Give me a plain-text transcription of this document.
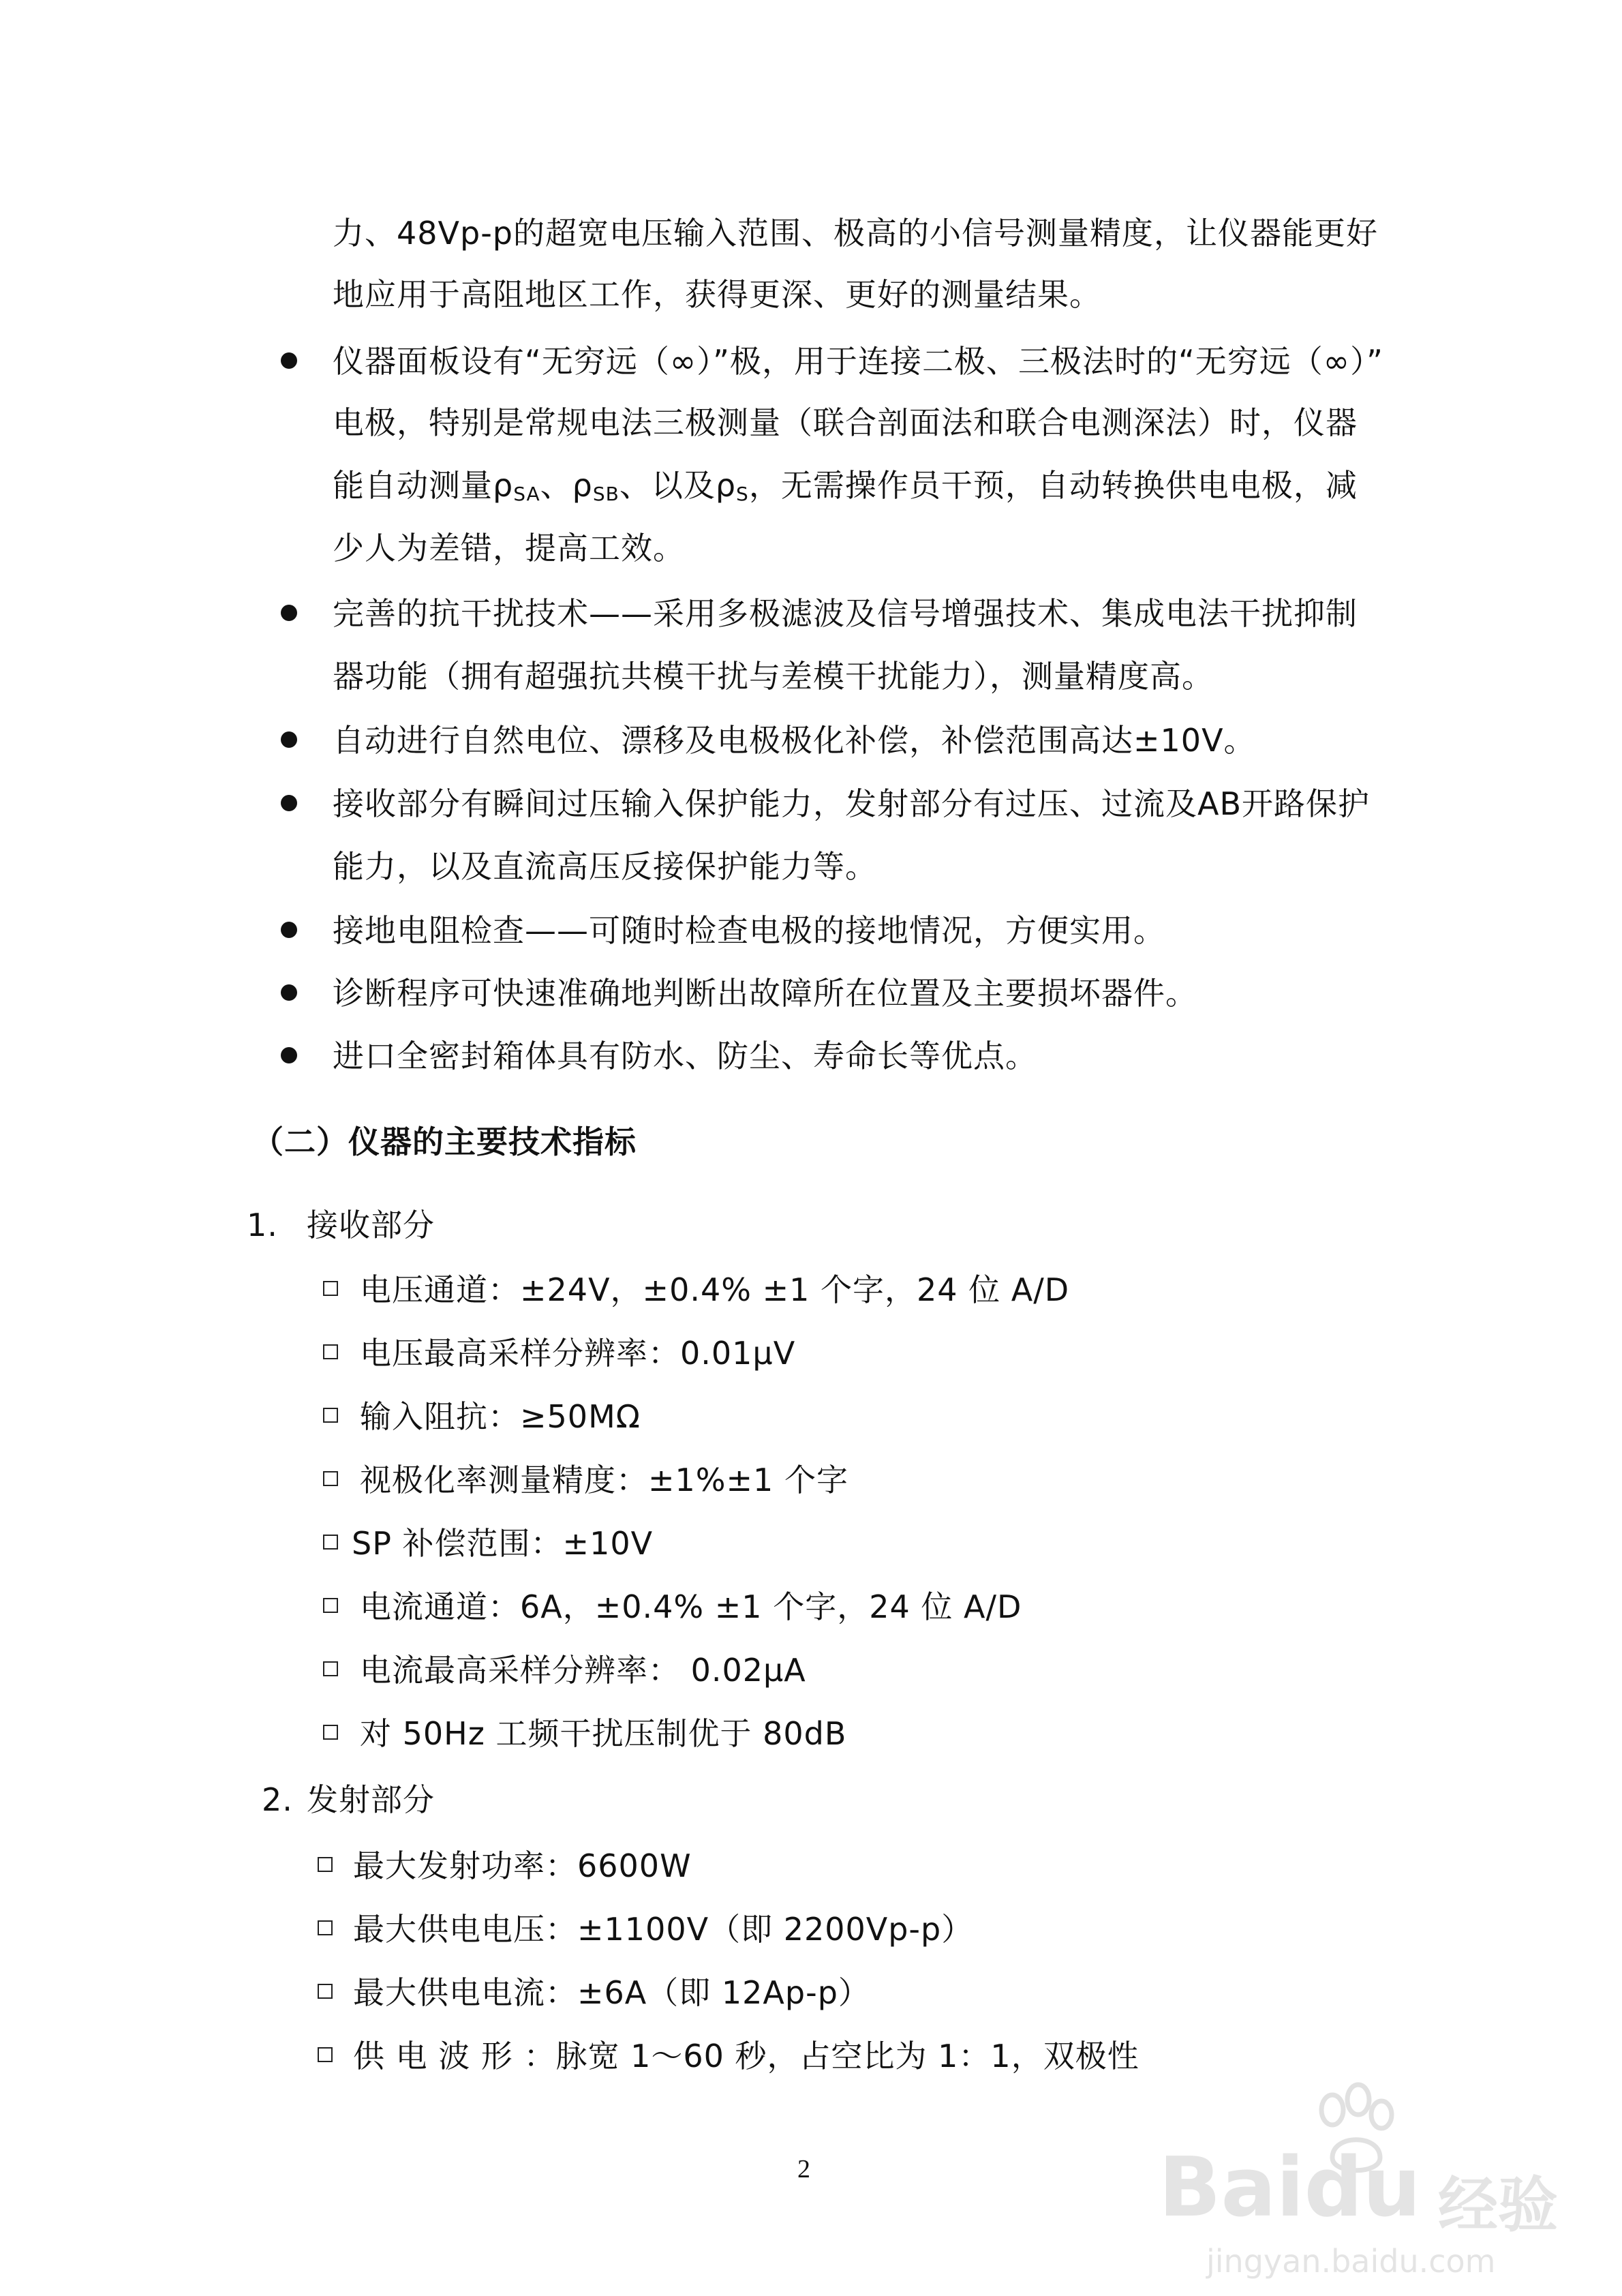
力、48Vp-p的超宽电压输入范围、极高的小信号测量精度，让仪器能更好
地应用于高阻地区工作，获得更深、更好的测量结果。
仪器面板设有“无穷远（∞）”极，用于连接二极、三极法时的“无穷远（∞）”
电极，特别是常规电法三极测量（联合剖面法和联合电测深法）时，仪器
能自动测量$\rho_{SA}$、$\rho_{SB}$、以及$\rho_S$，无需操作员干预，自动转换供电电极，减
少人为差错，提高工效。
完善的抗干扰技术——采用多极滤波及信号增强技术、集成电法干扰抑制
器功能（拥有超强抗共模干扰与差模干扰能力），测量精度高。
自动进行自然电位、漂移及电极极化补偿，补偿范围高达±10V。
接收部分有瞬间过压输入保护能力，发射部分有过压、过流及AB开路保护
能力，以及直流高压反接保护能力等。
接地电阻检查——可随时检查电极的接地情况，方便实用。
诊断程序可快速准确地判断出故障所在位置及主要损坏器件。
进口全密封箱体具有防水、防尘、寿命长等优点。
（二）仪器的主要技术指标
1. 接收部分
电压通道：±24V，±0.4% ±1 个字，24 位 A/D
电压最高采样分辨率：0.01μV
输入阻抗：≥50MΩ
视极化率测量精度：±1%±1 个字
SP 补偿范围：±10V
电流通道：6A，±0.4% ±1 个字，24 位 A/D
电流最高采样分辨率： 0.02μA
对 50Hz 工频干扰压制优于 80dB
2. 发射部分
最大发射功率：6600W
最大供电电压：±1100V（即 2200Vp-p）
最大供电电流：±6A（即 12Ap-p）
供 电 波 形 ：脉宽 1～60 秒，占空比为 1：1，双极性
2	Baidu 经验
jingyan.baidu.com
